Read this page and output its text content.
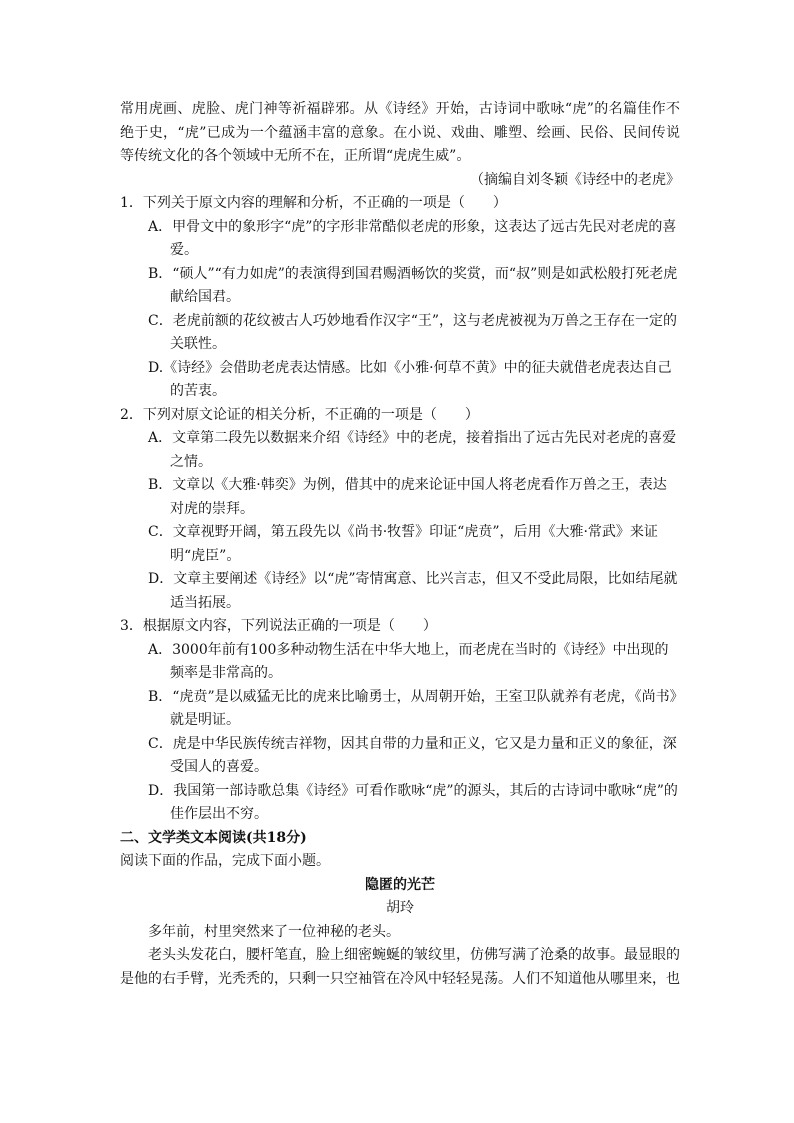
常用虎画、虎脸、虎门神等祈福辟邪。从《诗经》开始，古诗词中歌咏“虎”的名篇佳作不绝于史，“虎”已成为一个蕴涵丰富的意象。在小说、戏曲、雕塑、绘画、民俗、民间传说等传统文化的各个领域中无所不在，正所谓“虎虎生威”。

（摘编自刘冬颖《诗经中的老虎》

1．下列关于原文内容的理解和分析，不正确的一项是（　　）

A．甲骨文中的象形字“虎”的字形非常酷似老虎的形象，这表达了远古先民对老虎的喜爱。

B．“硕人”“有力如虎”的表演得到国君赐酒畅饮的奖赏，而“叔”则是如武松般打死老虎献给国君。

C．老虎前额的花纹被古人巧妙地看作汉字“王”，这与老虎被视为万兽之王存在一定的关联性。

D.《诗经》会借助老虎表达情感。比如《小雅·何草不黄》中的征夫就借老虎表达自己的苦衷。

2．下列对原文论证的相关分析，不正确的一项是（　　）

A．文章第二段先以数据来介绍《诗经》中的老虎，接着指出了远古先民对老虎的喜爱之情。

B．文章以《大雅·韩奕》为例，借其中的虎来论证中国人将老虎看作万兽之王，表达对虎的崇拜。

C．文章视野开阔，第五段先以《尚书·牧誓》印证“虎贲”，后用《大雅·常武》来证明“虎臣”。

D．文章主要阐述《诗经》以“虎”寄情寓意、比兴言志，但又不受此局限，比如结尾就适当拓展。

3．根据原文内容，下列说法正确的一项是（　　）

A．3000年前有100多种动物生活在中华大地上，而老虎在当时的《诗经》中出现的频率是非常高的。

B．“虎贲”是以威猛无比的虎来比喻勇士，从周朝开始，王室卫队就养有老虎，《尚书》就是明证。

C．虎是中华民族传统吉祥物，因其自带的力量和正义，它又是力量和正义的象征，深受国人的喜爱。

D．我国第一部诗歌总集《诗经》可看作歌咏“虎”的源头，其后的古诗词中歌咏“虎”的佳作层出不穷。

二、文学类文本阅读(共18分)

阅读下面的作品，完成下面小题。

隐匿的光芒

胡玲

多年前，村里突然来了一位神秘的老头。

老头头发花白，腰杆笔直，脸上细密蜿蜒的皱纹里，仿佛写满了沧桑的故事。最显眼的是他的右手臂，光秃秃的，只剩一只空袖管在冷风中轻轻晃荡。人们不知道他从哪里来，也
